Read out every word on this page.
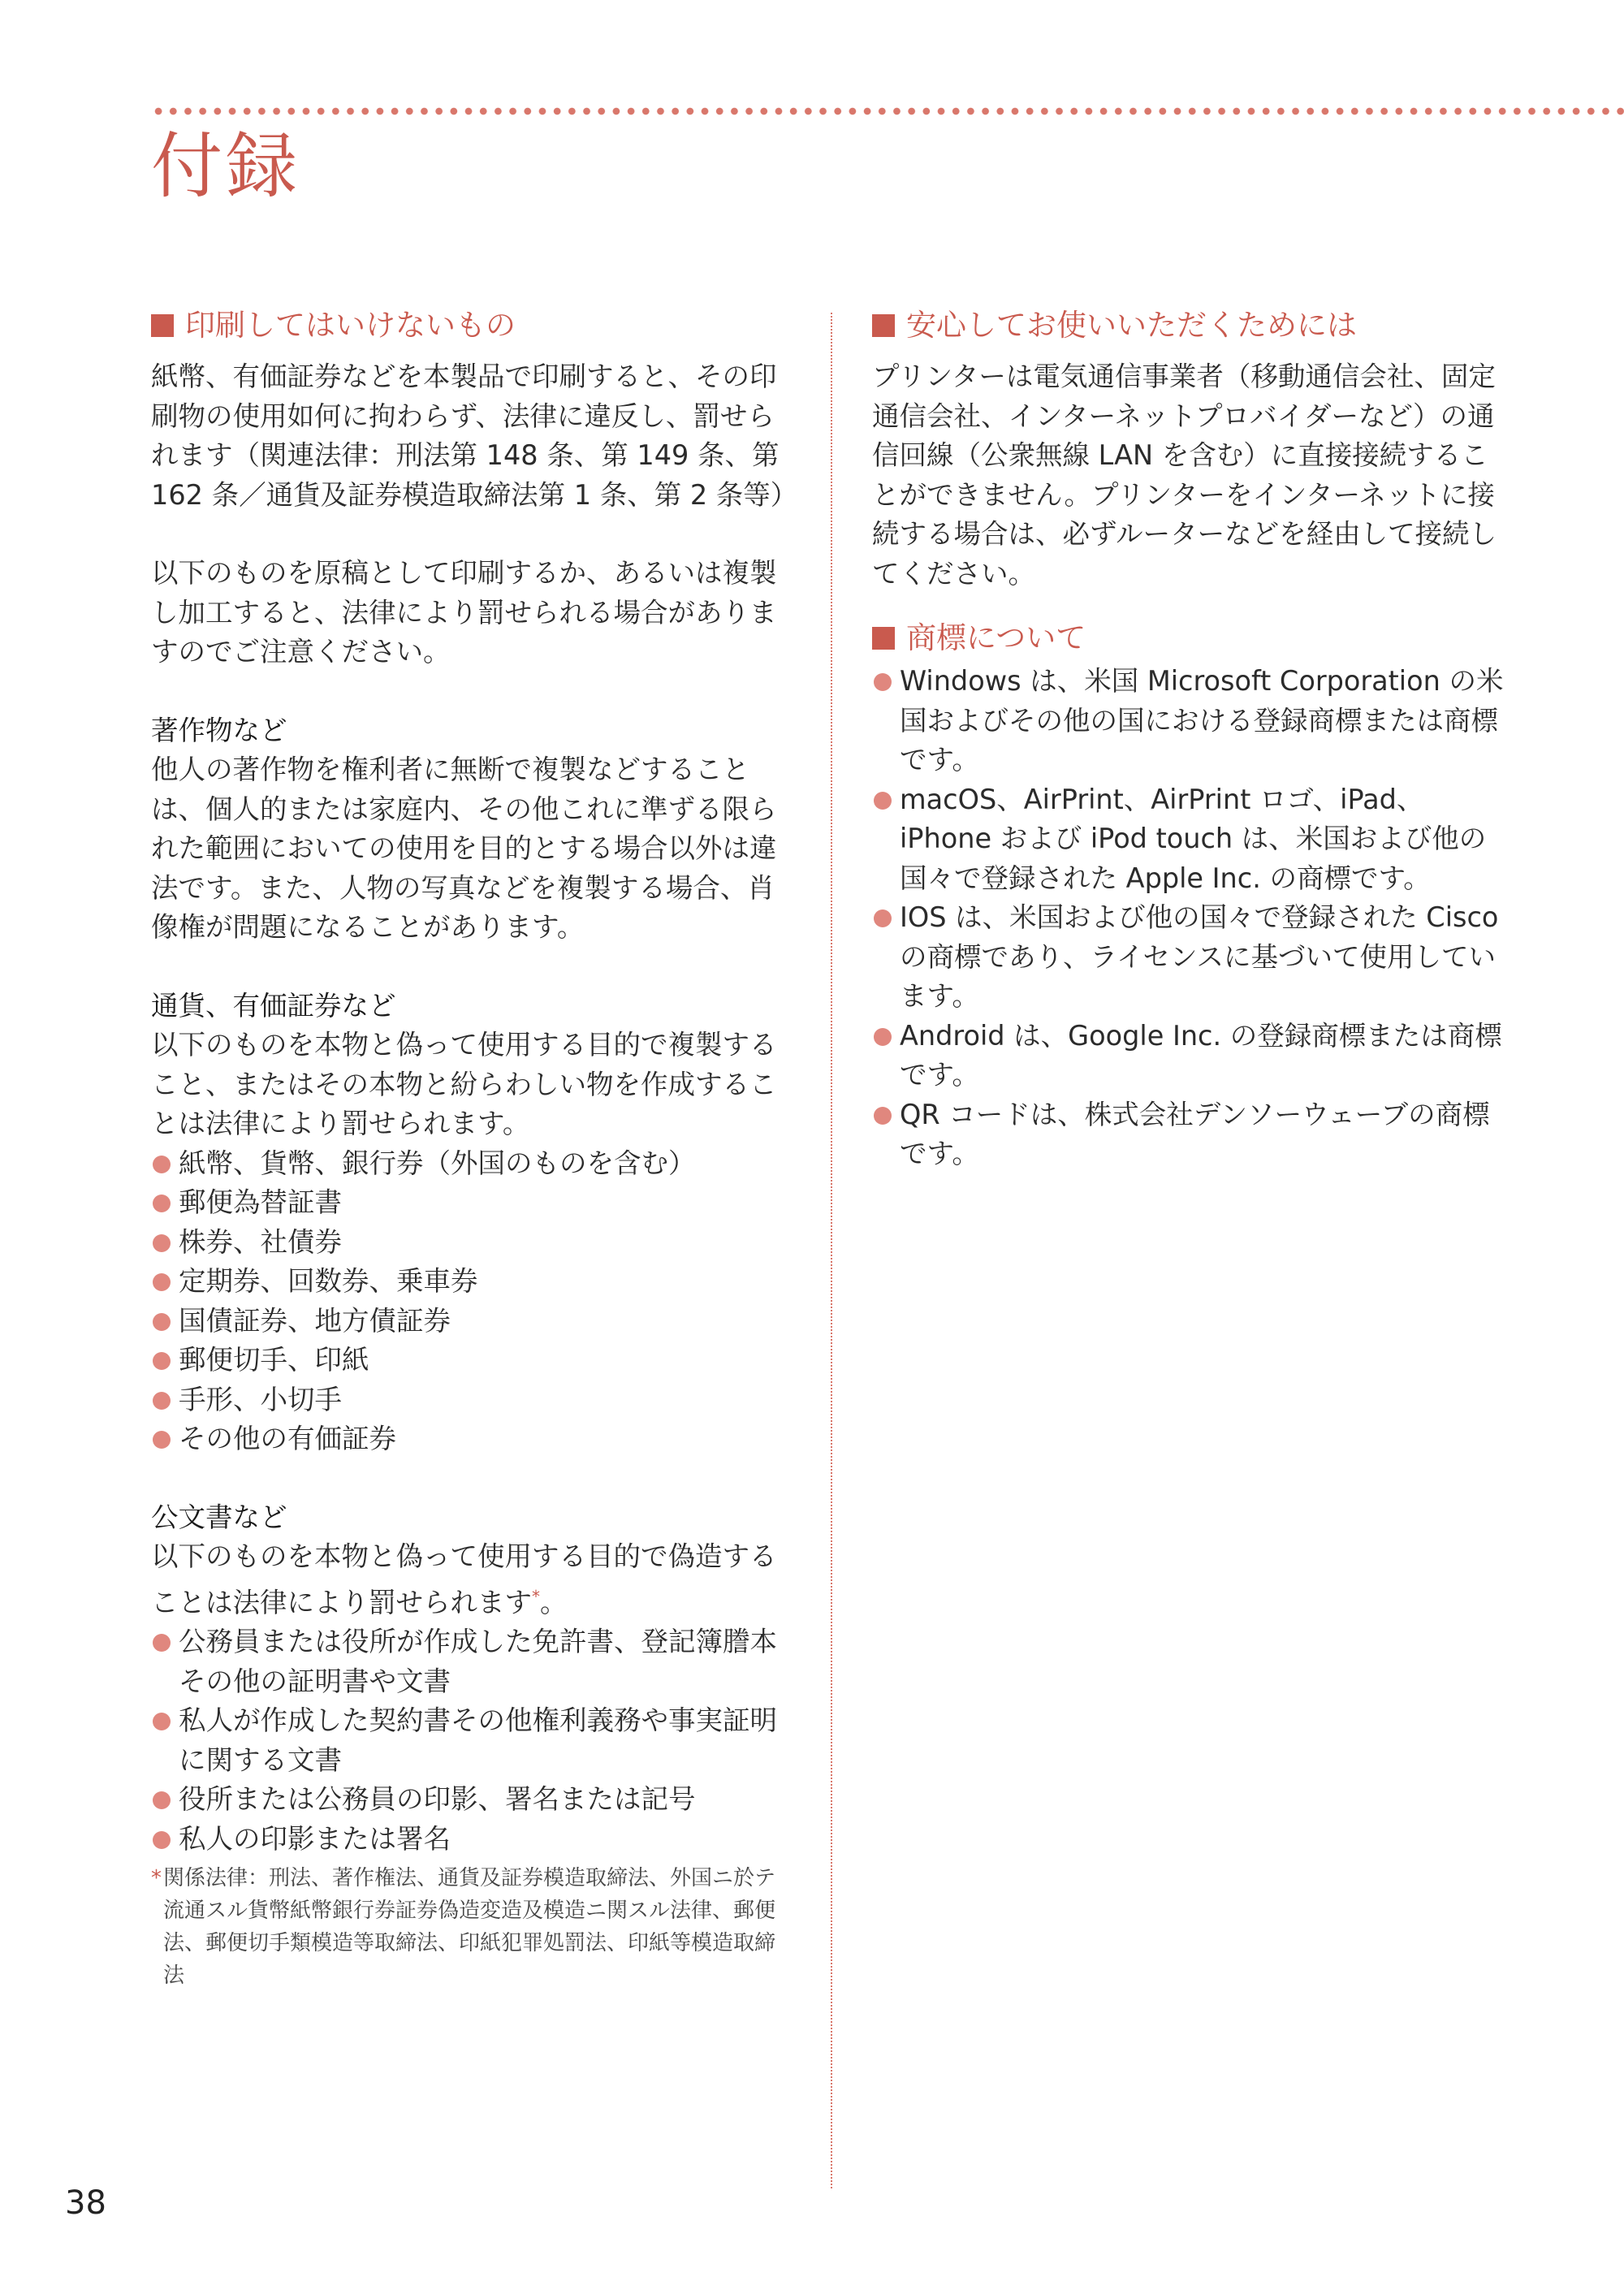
付録
印刷してはいけないもの

紙幣、有価証券などを本製品で印刷すると、その印刷物の使用如何に拘わらず、法律に違反し、罰せられます（関連法律：刑法第 148 条、第 149 条、第 162 条／通貨及証券模造取締法第 1 条、第 2 条等）

以下のものを原稿として印刷するか、あるいは複製し加工すると、法律により罰せられる場合がありますのでご注意ください。

著作物など

他人の著作物を権利者に無断で複製などすることは、個人的または家庭内、その他これに準ずる限られた範囲においての使用を目的とする場合以外は違法です。また、人物の写真などを複製する場合、肖像権が問題になることがあります。

通貨、有価証券など

以下のものを本物と偽って使用する目的で複製すること、またはその本物と紛らわしい物を作成することは法律により罰せられます。

紙幣、貨幣、銀行券（外国のものを含む）
郵便為替証書
株券、社債券
定期券、回数券、乗車券
国債証券、地方債証券
郵便切手、印紙
手形、小切手
その他の有価証券
公文書など

以下のものを本物と偽って使用する目的で偽造することは法律により罰せられます*。

公務員または役所が作成した免許書、登記簿謄本その他の証明書や文書
私人が作成した契約書その他権利義務や事実証明に関する文書
役所または公務員の印影、署名または記号
私人の印影または署名
* 関係法律：刑法、著作権法、通貨及証券模造取締法、外国ニ於テ流通スル貨幣紙幣銀行券証券偽造変造及模造ニ関スル法律、郵便法、郵便切手類模造等取締法、印紙犯罪処罰法、印紙等模造取締法
安心してお使いいただくためには

プリンターは電気通信事業者（移動通信会社、固定通信会社、インターネットプロバイダーなど）の通信回線（公衆無線 LAN を含む）に直接接続することができません。プリンターをインターネットに接続する場合は、必ずルーターなどを経由して接続してください。

商標について
Windows は、米国 Microsoft Corporation の米国およびその他の国における登録商標または商標です。
macOS、AirPrint、AirPrint ロゴ、iPad、iPhone および iPod touch は、米国および他の国々で登録された Apple Inc. の商標です。
IOS は、米国および他の国々で登録された Cisco の商標であり、ライセンスに基づいて使用しています。
Android は、Google Inc. の登録商標または商標です。
QR コードは、株式会社デンソーウェーブの商標です。
38
